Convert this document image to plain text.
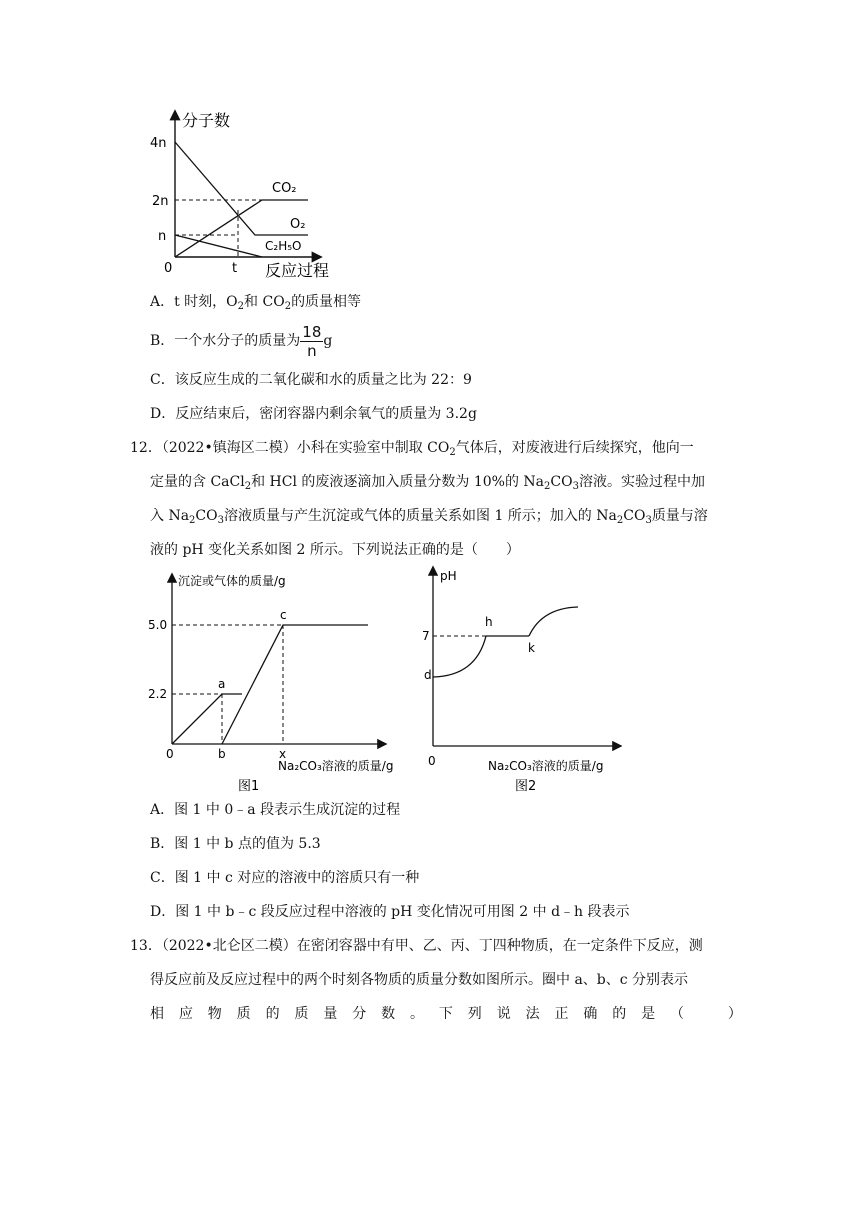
分子数
反应过程
0
4n
2n
n
t
CO₂
O₂
C₂H₅O
A．t 时刻，$O_2$和 $CO_2$的质量相等
B．一个水分子的质量为 $\frac{18}{n}$ g
C．该反应生成的二氧化碳和水的质量之比为 22：9
D．反应结束后，密闭容器内剩余氧气的质量为 3.2g
12．（2022•镇海区二模）小科在实验室中制取 $CO_2$气体后，对废液进行后续探究，他向一
定量的含 CaCl$_2$和 HCl 的废液逐滴加入质量分数为 10%的 $Na_2CO_3$溶液。实验过程中加
入 $Na_2CO_3$溶液质量与产生沉淀或气体的质量关系如图 1 所示；加入的 $Na_2CO_3$质量与溶
液的 pH 变化关系如图 2 所示。下列说法正确的是（　　）
沉淀或气体的质量/g
Na₂CO₃溶液的质量/g
图1
0
5.0
2.2
a
b
c
x
pH
Na₂CO₃溶液的质量/g
图2
0
7
d
h
k
A．图 1 中 0﹣a 段表示生成沉淀的过程
B．图 1 中 b 点的值为 5.3
C．图 1 中 c 对应的溶液中的溶质只有一种
D．图 1 中 b﹣c 段反应过程中溶液的 pH 变化情况可用图 2 中 d﹣h 段表示
13．（2022•北仑区二模）在密闭容器中有甲、乙、丙、丁四种物质，在一定条件下反应，测
得反应前及反应过程中的两个时刻各物质的质量分数如图所示。圈中 a、b、c 分别表示
相 应 物 质 的 质 量 分 数 。 下 列 说 法 正 确 的 是 （
　	）
